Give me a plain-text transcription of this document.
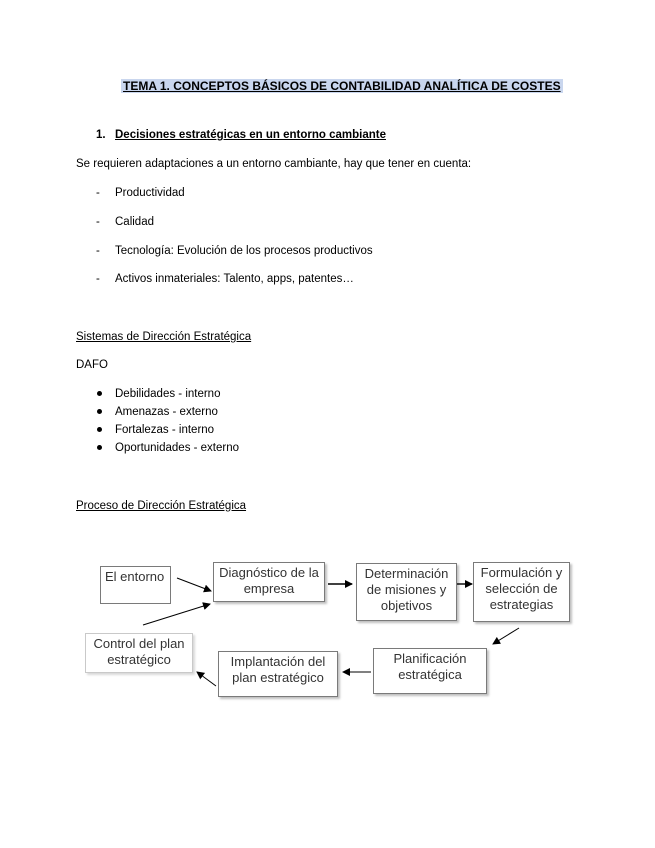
TEMA 1. CONCEPTOS BÁSICOS DE CONTABILIDAD ANALÍTICA DE COSTES
1. Decisiones estratégicas en un entorno cambiante
Se requieren adaptaciones a un entorno cambiante, hay que tener en cuenta:
- Productividad
- Calidad
- Tecnología: Evolución de los procesos productivos
- Activos inmateriales: Talento, apps, patentes…
Sistemas de Dirección Estratégica
DAFO
Debilidades - interno
Amenazas - externo
Fortalezas - interno
Oportunidades - externo
Proceso de Dirección Estratégica
El entorno	Diagnóstico de la
empresa
Determinación
de misiones y
objetivos
Formulación y
selección de
estrategias
Planificación
estratégica
Implantación del
plan estratégico
Control del plan
estratégico
